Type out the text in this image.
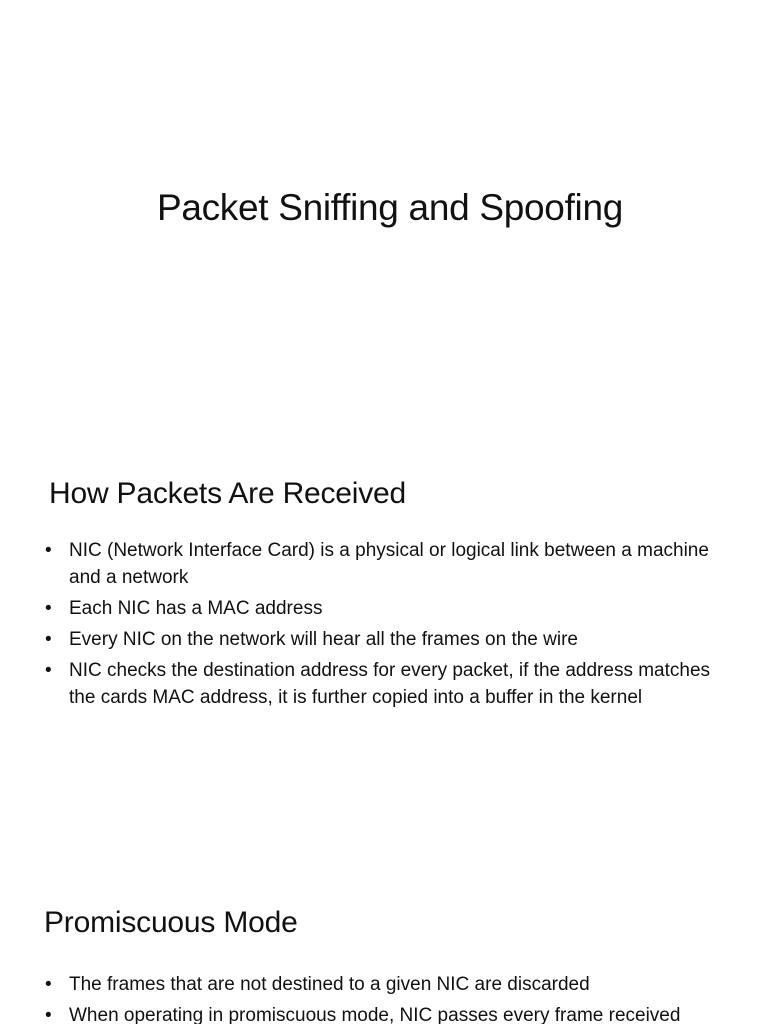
Packet Sniffing and Spoofing
How Packets Are Received
• NIC (Network Interface Card) is a physical or logical link between a machine and a network
• Each NIC has a MAC address
• Every NIC on the network will hear all the frames on the wire
• NIC checks the destination address for every packet, if the address matches the cards MAC address, it is further copied into a buffer in the kernel
Promiscuous Mode
• The frames that are not destined to a given NIC are discarded
• When operating in promiscuous mode, NIC passes every frame received
